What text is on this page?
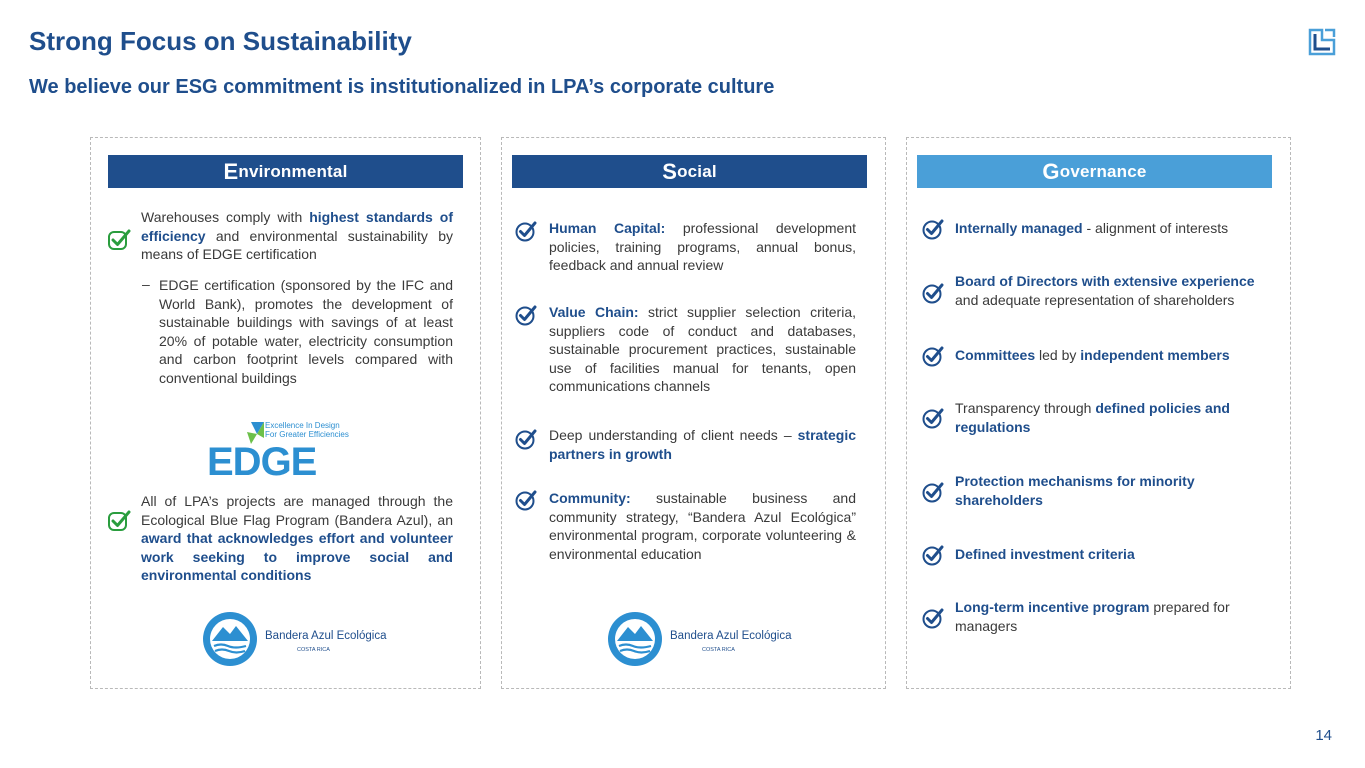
Strong Focus on Sustainability
We believe our ESG commitment is institutionalized in LPA’s corporate culture
E nvironmental
Warehouses comply with highest standards of efficiency and environmental sustainability by means of EDGE certification
– EDGE certification (sponsored by the IFC and World Bank), promotes the development of sustainable buildings with savings of at least 20% of potable water, electricity consumption and carbon footprint levels compared with conventional buildings
Excellence In Design
For Greater Efficiencies
EDGE
All of LPA’s projects are managed through the Ecological Blue Flag Program (Bandera Azul), an award that acknowledges effort and volunteer work seeking to improve social and environmental conditions
Bandera Azul Ecológica
COSTA RICA
S ocial
Human Capital: professional development policies, training programs, annual bonus, feedback and annual review
Value Chain: strict supplier selection criteria, suppliers code of conduct and databases, sustainable procurement practices, sustainable use of facilities manual for tenants, open communications channels
Deep understanding of client needs – strategic partners in growth
Community: sustainable business and community strategy, “Bandera Azul Ecológica” environmental program, corporate volunteering & environmental education
Bandera Azul Ecológica
COSTA RICA
G overnance
Internally managed - alignment of interests
Board of Directors with extensive experience and adequate representation of shareholders
Committees led by independent members
Transparency through defined policies and regulations
Protection mechanisms for minority shareholders
Defined investment criteria
Long-term incentive program prepared for managers
14
